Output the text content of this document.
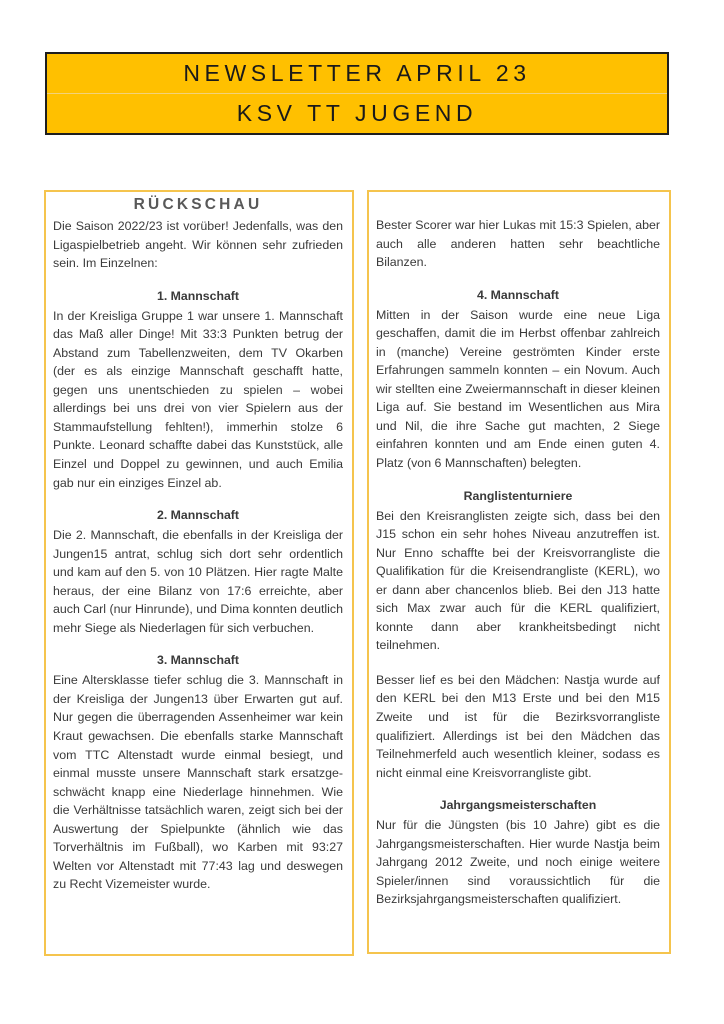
NEWSLETTER APRIL 23
KSV TT JUGEND
RÜCKSCHAU

Die Saison 2022/23 ist vorüber! Jedenfalls, was den Ligaspielbetrieb angeht. Wir können sehr zufrieden sein. Im Einzelnen:

1. Mannschaft

In der Kreisliga Gruppe 1 war unsere 1. Mannschaft das Maß aller Dinge! Mit 33:3 Punkten betrug der Abstand zum Tabellenzweiten, dem TV Okarben (der es als einzige Mannschaft geschafft hatte, gegen uns unentschieden zu spielen – wobei allerdings bei uns drei von vier Spielern aus der Stammaufstellung fehlten!), immerhin stolze 6 Punkte. Leonard schaffte dabei das Kunststück, alle Einzel und Doppel zu gewinnen, und auch Emilia gab nur ein einziges Einzel ab.

2. Mannschaft

Die 2. Mannschaft, die ebenfalls in der Kreisliga der Jungen15 antrat, schlug sich dort sehr ordentlich und kam auf den 5. von 10 Plätzen. Hier ragte Malte heraus, der eine Bilanz von 17:6 erreichte, aber auch Carl (nur Hinrunde), und Dima konnten deutlich mehr Siege als Niederlagen für sich verbuchen.

3. Mannschaft

Eine Altersklasse tiefer schlug die 3. Mannschaft in der Kreisliga der Jungen13 über Erwarten gut auf. Nur gegen die überragenden Assenheimer war kein Kraut gewachsen. Die ebenfalls starke Mannschaft vom TTC Altenstadt wurde einmal besiegt, und einmal musste unsere Mannschaft stark ersatzgeschwächt knapp eine Niederlage hinnehmen. Wie die Verhältnisse tatsächlich waren, zeigt sich bei der Auswertung der Spielpunkte (ähnlich wie das Torverhältnis im Fußball), wo Karben mit 93:27 Welten vor Altenstadt mit 77:43 lag und deswegen zu Recht Vizemeister wurde.

Bester Scorer war hier Lukas mit 15:3 Spielen, aber auch alle anderen hatten sehr beachtliche Bilanzen.

4. Mannschaft

Mitten in der Saison wurde eine neue Liga geschaffen, damit die im Herbst offenbar zahlreich in (manche) Vereine geströmten Kinder erste Erfahrungen sammeln konnten – ein Novum. Auch wir stellten eine Zweiermannschaft in dieser kleinen Liga auf. Sie bestand im Wesentlichen aus Mira und Nil, die ihre Sache gut machten, 2 Siege einfahren konnten und am Ende einen guten 4. Platz (von 6 Mannschaften) belegten.

Ranglistenturniere

Bei den Kreisranglisten zeigte sich, dass bei den J15 schon ein sehr hohes Niveau anzutreffen ist. Nur Enno schaffte bei der Kreisvorrangliste die Qualifikation für die Kreisendrangliste (KERL), wo er dann aber chancenlos blieb. Bei den J13 hatte sich Max zwar auch für die KERL qualifiziert, konnte dann aber krankheitsbedingt nicht teilnehmen.

Besser lief es bei den Mädchen: Nastja wurde auf den KERL bei den M13 Erste und bei den M15 Zweite und ist für die Bezirksvorrangliste qualifiziert. Allerdings ist bei den Mädchen das Teilnehmerfeld auch wesentlich kleiner, sodass es nicht einmal eine Kreisvorrangliste gibt.

Jahrgangsmeisterschaften

Nur für die Jüngsten (bis 10 Jahre) gibt es die Jahrgangsmeisterschaften. Hier wurde Nastja beim Jahrgang 2012 Zweite, und noch einige weitere Spieler/innen sind voraussichtlich für die Bezirksjahrgangsmeisterschaften qualifiziert.
